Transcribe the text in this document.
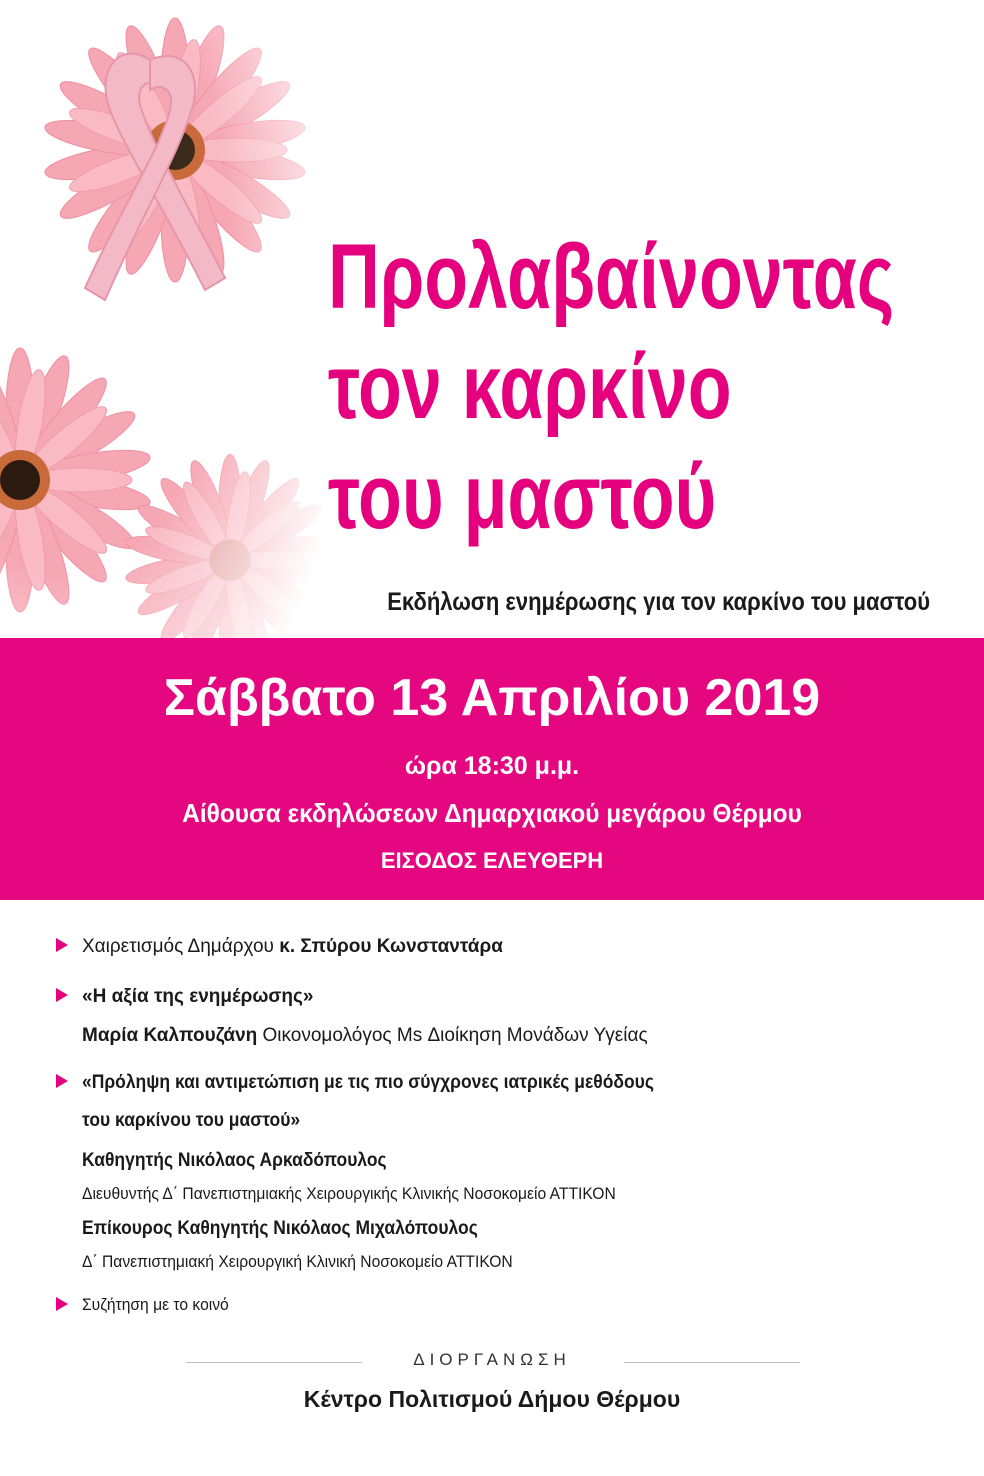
Προλαβαίνοντας
τον καρκίνο
του μαστού

Εκδήλωση ενημέρωσης για τον καρκίνο του μαστού

Σάββατο 13 Απριλίου 2019
ώρα 18:30 μ.μ.
Αίθουσα εκδηλώσεων Δημαρχιακού μεγάρου Θέρμου
ΕΙΣΟΔΟΣ ΕΛΕΥΘΕΡΗ
Χαιρετισμός Δημάρχου κ. Σπύρου Κωνσταντάρα
«Η αξία της ενημέρωσης»
Μαρία Καλπουζάνη Οικονομολόγος Ms Διοίκηση Μονάδων Υγείας
«Πρόληψη και αντιμετώπιση με τις πιο σύγχρονες ιατρικές μεθόδους
του καρκίνου του μαστού»
Καθηγητής Νικόλαος Αρκαδόπουλος
Διευθυντής Δ΄ Πανεπιστημιακής Χειρουργικής Κλινικής Νοσοκομείο ΑΤΤΙΚΟΝ
Επίκουρος Καθηγητής Νικόλαος Μιχαλόπουλος
Δ΄ Πανεπιστημιακή Χειρουργική Κλινική Νοσοκομείο ΑΤΤΙΚΟΝ
Συζήτηση με το κοινό
ΔΙΟΡΓΑΝΩΣΗ
Κέντρο Πολιτισμού Δήμου Θέρμου
